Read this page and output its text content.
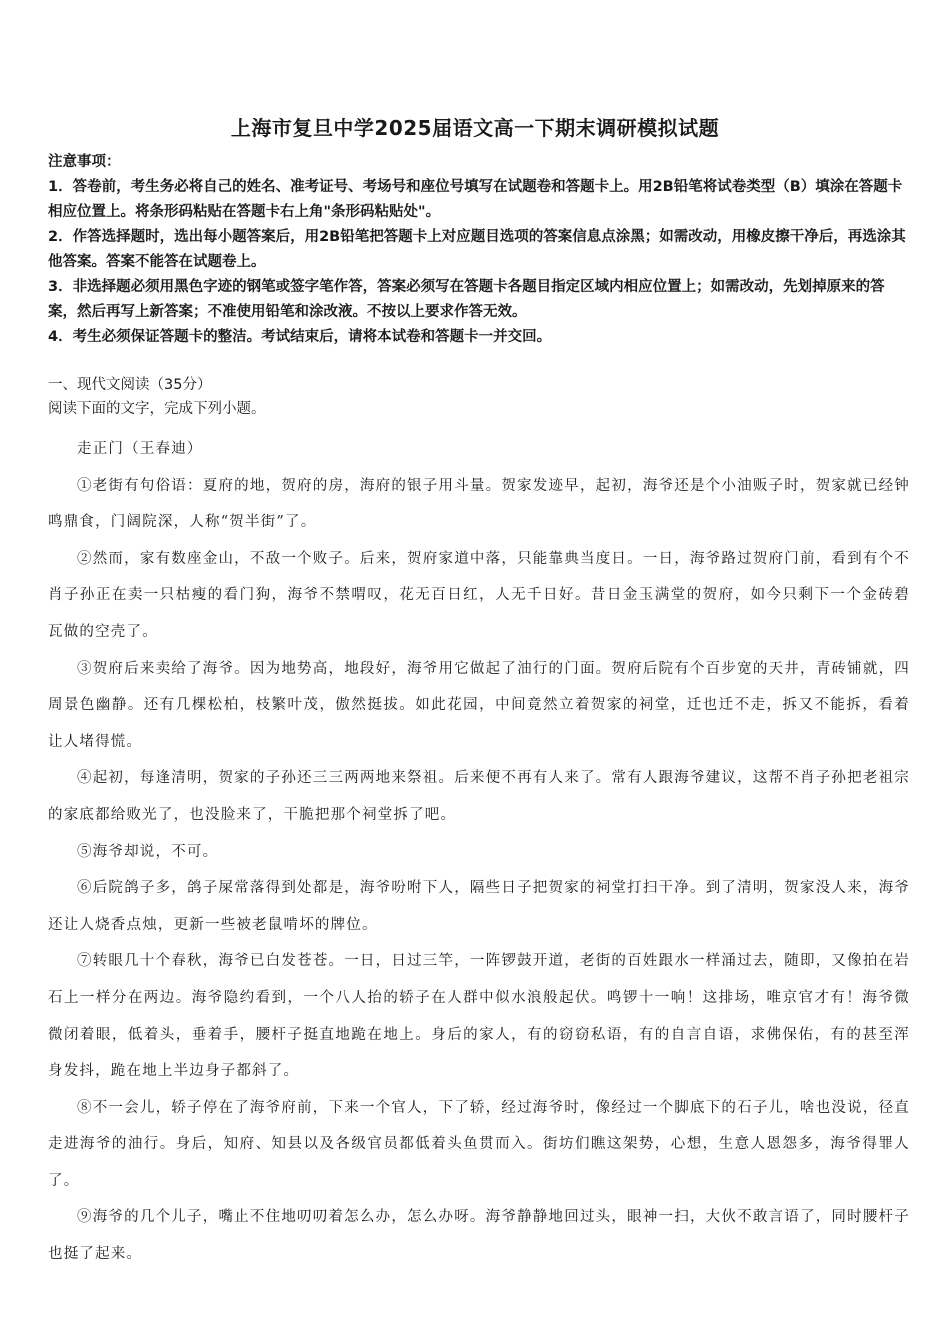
上海市复旦中学2025届语文高一下期末调研模拟试题

注意事项：

1．答卷前，考生务必将自己的姓名、准考证号、考场号和座位号填写在试题卷和答题卡上。用2B铅笔将试卷类型（B）填涂在答题卡相应位置上。将条形码粘贴在答题卡右上角"条形码粘贴处"。

2．作答选择题时，选出每小题答案后，用2B铅笔把答题卡上对应题目选项的答案信息点涂黑；如需改动，用橡皮擦干净后，再选涂其他答案。答案不能答在试题卷上。

3．非选择题必须用黑色字迹的钢笔或签字笔作答，答案必须写在答题卡各题目指定区域内相应位置上；如需改动，先划掉原来的答案，然后再写上新答案；不准使用铅笔和涂改液。不按以上要求作答无效。

4．考生必须保证答题卡的整洁。考试结束后，请将本试卷和答题卡一并交回。

一、现代文阅读（35分）

阅读下面的文字，完成下列小题。

走正门（王春迪）

①老街有句俗语：夏府的地，贺府的房，海府的银子用斗量。贺家发迹早，起初，海爷还是个小油贩子时，贺家就已经钟鸣鼎食，门阔院深，人称“贺半街”了。

②然而，家有数座金山，不敌一个败子。后来，贺府家道中落，只能靠典当度日。一日，海爷路过贺府门前，看到有个不肖子孙正在卖一只枯瘦的看门狗，海爷不禁喟叹，花无百日红，人无千日好。昔日金玉满堂的贺府，如今只剩下一个金砖碧瓦做的空壳了。

③贺府后来卖给了海爷。因为地势高，地段好，海爷用它做起了油行的门面。贺府后院有个百步宽的天井，青砖铺就，四周景色幽静。还有几棵松柏，枝繁叶茂，傲然挺拔。如此花园，中间竟然立着贺家的祠堂，迁也迁不走，拆又不能拆，看着让人堵得慌。

④起初，每逢清明，贺家的子孙还三三两两地来祭祖。后来便不再有人来了。常有人跟海爷建议，这帮不肖子孙把老祖宗的家底都给败光了，也没脸来了，干脆把那个祠堂拆了吧。

⑤海爷却说，不可。

⑥后院鸽子多，鸽子屎常落得到处都是，海爷吩咐下人，隔些日子把贺家的祠堂打扫干净。到了清明，贺家没人来，海爷还让人烧香点烛，更新一些被老鼠啃坏的牌位。

⑦转眼几十个春秋，海爷已白发苍苍。一日，日过三竿，一阵锣鼓开道，老街的百姓跟水一样涌过去，随即，又像拍在岩石上一样分在两边。海爷隐约看到，一个八人抬的轿子在人群中似水浪般起伏。鸣锣十一响！这排场，唯京官才有！海爷微微闭着眼，低着头，垂着手，腰杆子挺直地跪在地上。身后的家人，有的窃窃私语，有的自言自语，求佛保佑，有的甚至浑身发抖，跪在地上半边身子都斜了。

⑧不一会儿，轿子停在了海爷府前，下来一个官人，下了轿，经过海爷时，像经过一个脚底下的石子儿，啥也没说，径直走进海爷的油行。身后，知府、知县以及各级官员都低着头鱼贯而入。街坊们瞧这架势，心想，生意人恩怨多，海爷得罪人了。

⑨海爷的几个儿子，嘴止不住地叨叨着怎么办，怎么办呀。海爷静静地回过头，眼神一扫，大伙不敢言语了，同时腰杆子也挺了起来。
